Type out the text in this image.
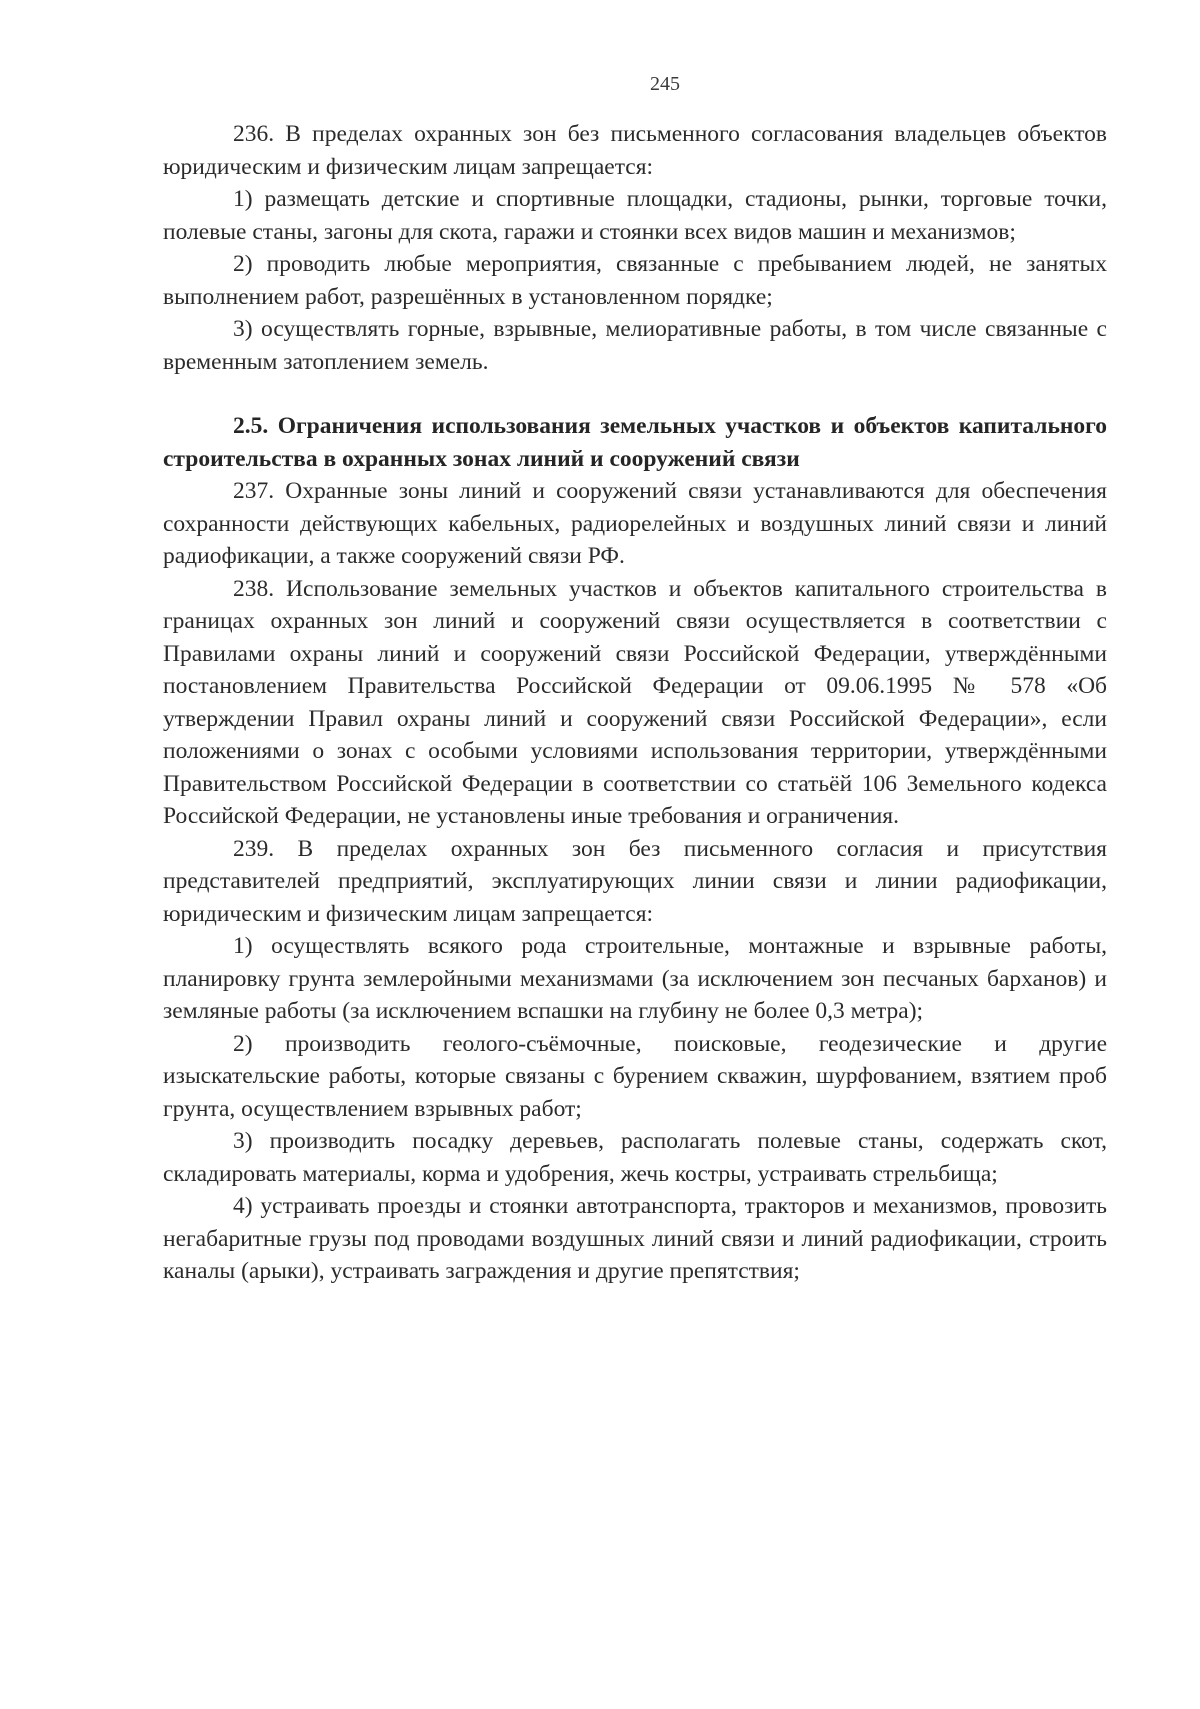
245

236. В пределах охранных зон без письменного согласования владельцев объектов юридическим и физическим лицам запрещается:

1) размещать детские и спортивные площадки, стадионы, рынки, торговые точки, полевые станы, загоны для скота, гаражи и стоянки всех видов машин и механизмов;

2) проводить любые мероприятия, связанные с пребыванием людей, не занятых выполнением работ, разрешённых в установленном порядке;

3) осуществлять горные, взрывные, мелиоративные работы, в том числе связанные с временным затоплением земель.

2.5. Ограничения использования земельных участков и объектов капитального строительства в охранных зонах линий и сооружений связи

237. Охранные зоны линий и сооружений связи устанавливаются для обеспечения сохранности действующих кабельных, радиорелейных и воздушных линий связи и линий радиофикации, а также сооружений связи РФ.

238. Использование земельных участков и объектов капитального строительства в границах охранных зон линий и сооружений связи осуществляется в соответствии с Правилами охраны линий и сооружений связи Российской Федерации, утверждёнными постановлением Правительства Российской Федерации от 09.06.1995 № 578 «Об утверждении Правил охраны линий и сооружений связи Российской Федерации», если положениями о зонах с особыми условиями использования территории, утверждёнными Правительством Российской Федерации в соответствии со статьёй 106 Земельного кодекса Российской Федерации, не установлены иные требования и ограничения.

239. В пределах охранных зон без письменного согласия и присутствия представителей предприятий, эксплуатирующих линии связи и линии радиофикации, юридическим и физическим лицам запрещается:

1) осуществлять всякого рода строительные, монтажные и взрывные работы, планировку грунта землеройными механизмами (за исключением зон песчаных барханов) и земляные работы (за исключением вспашки на глубину не более 0,3 метра);

2) производить геолого-съёмочные, поисковые, геодезические и другие изыскательские работы, которые связаны с бурением скважин, шурфованием, взятием проб грунта, осуществлением взрывных работ;

3) производить посадку деревьев, располагать полевые станы, содержать скот, складировать материалы, корма и удобрения, жечь костры, устраивать стрельбища;

4) устраивать проезды и стоянки автотранспорта, тракторов и механизмов, провозить негабаритные грузы под проводами воздушных линий связи и линий радиофикации, строить каналы (арыки), устраивать заграждения и другие препятствия;
